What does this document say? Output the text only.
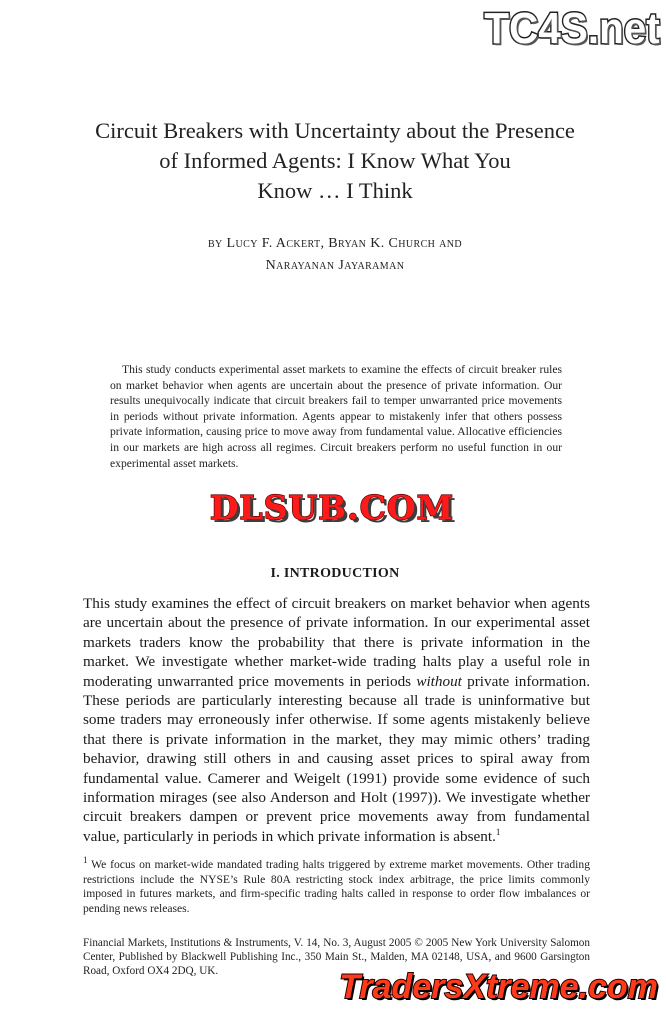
TC4S.net
Circuit Breakers with Uncertainty about the Presence
of Informed Agents: I Know What You
Know … I Think
by Lucy F. Ackert, Bryan K. Church and
Narayanan Jayaraman

This study conducts experimental asset markets to examine the effects of circuit breaker rules on market behavior when agents are uncertain about the presence of private information. Our results unequivocally indicate that circuit breakers fail to temper unwarranted price movements in periods without private information. Agents appear to mistakenly infer that others possess private information, causing price to move away from fundamental value. Allocative efficiencies in our markets are high across all regimes. Circuit breakers perform no useful function in our experimental asset markets.

DLSUB.COM
I. INTRODUCTION

This study examines the effect of circuit breakers on market behavior when agents are uncertain about the presence of private information. In our experimental asset markets traders know the probability that there is private information in the market. We investigate whether market-wide trading halts play a useful role in moderating unwarranted price movements in periods without private information. These periods are particularly interesting because all trade is uninformative but some traders may erroneously infer otherwise. If some agents mistakenly believe that there is private information in the market, they may mimic others’ trading behavior, drawing still others in and causing asset prices to spiral away from fundamental value. Camerer and Weigelt (1991) provide some evidence of such information mirages (see also Anderson and Holt (1997)). We investigate whether circuit breakers dampen or prevent price movements away from fundamental value, particularly in periods in which private information is absent.$^1$

$^1$ We focus on market-wide mandated trading halts triggered by extreme market movements. Other trading restrictions include the NYSE’s Rule 80A restricting stock index arbitrage, the price limits commonly imposed in futures markets, and firm-specific trading halts called in response to order flow imbalances or pending news releases.

Financial Markets, Institutions & Instruments, V. 14, No. 3, August 2005 © 2005 New York University Salomon Center, Published by Blackwell Publishing Inc., 350 Main St., Malden, MA 02148, USA, and 9600 Garsington Road, Oxford OX4 2DQ, UK.	TradersXtreme.com
